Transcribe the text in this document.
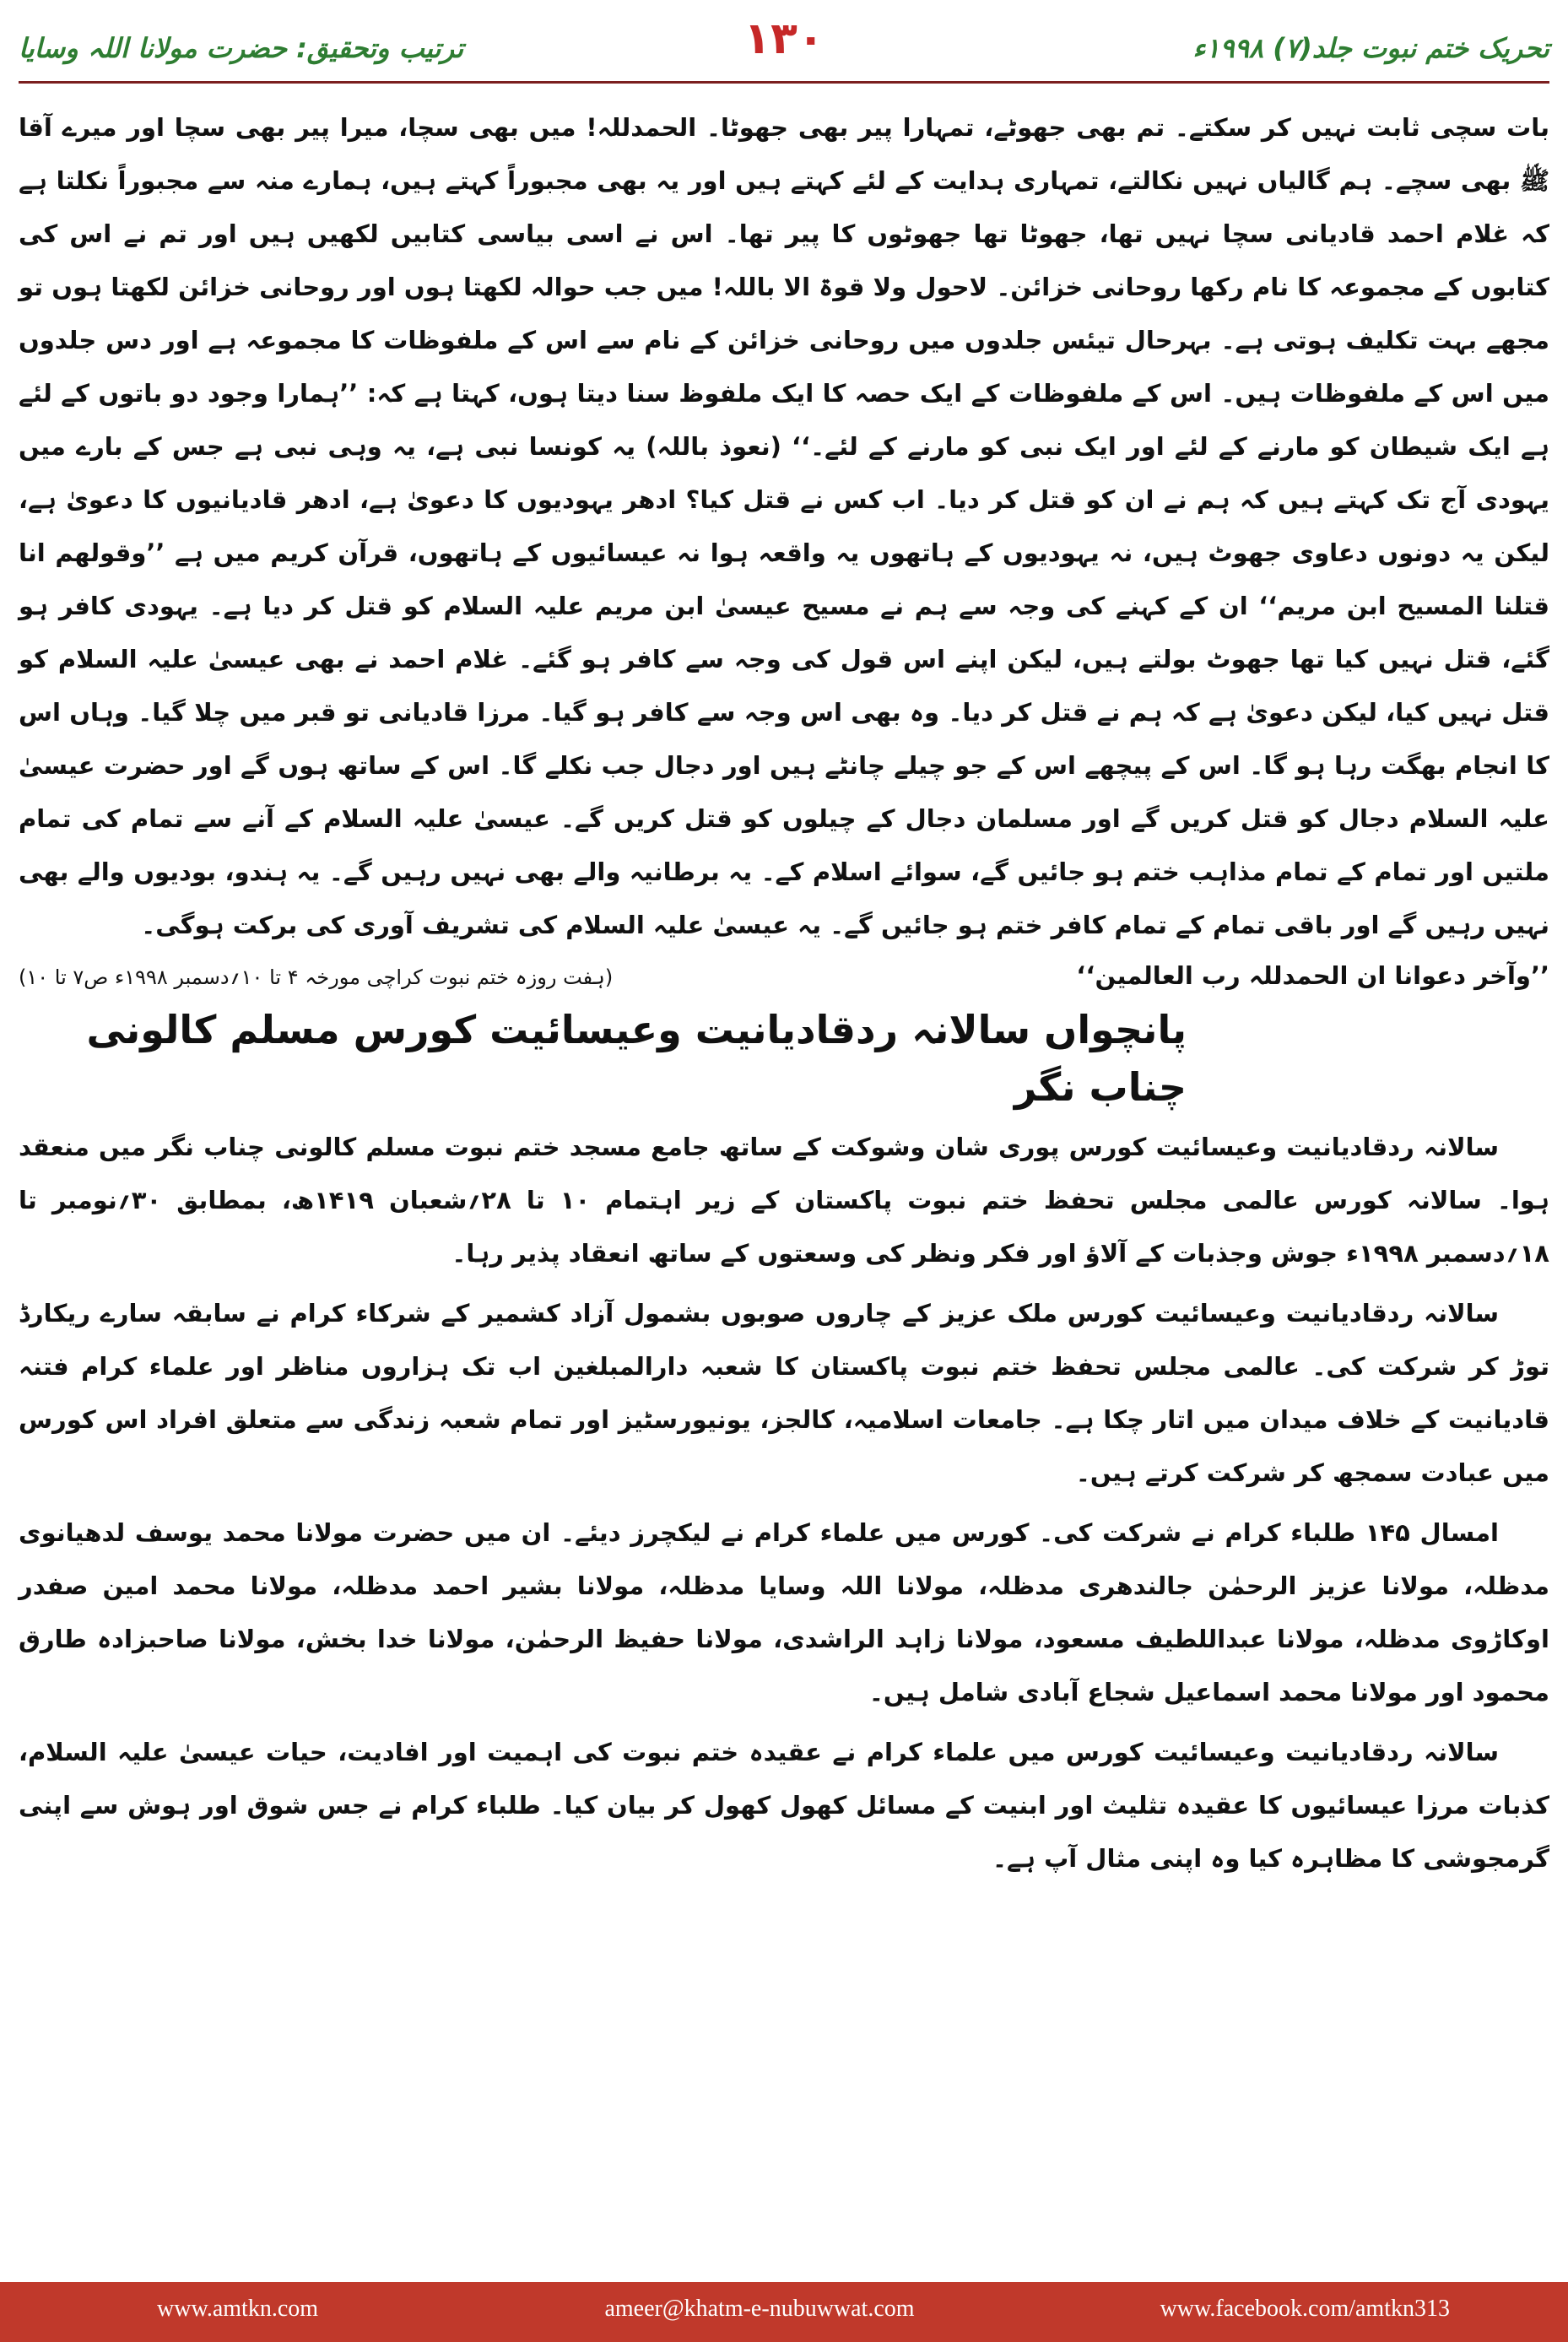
ترتیب وتحقیق: حضرت مولانا اللہ وسایا	۱۳۰	تحریک ختم نبوت جلد(۷) ۱۹۹۸ء

بات سچی ثابت نہیں کر سکتے۔ تم بھی جھوٹے، تمہارا پیر بھی جھوٹا۔ الحمدللہ! میں بھی سچا، میرا پیر بھی سچا اور میرے آقا ﷺ بھی سچے۔ ہم گالیاں نہیں نکالتے، تمہاری ہدایت کے لئے کہتے ہیں اور یہ بھی مجبوراً کہتے ہیں، ہمارے منہ سے مجبوراً نکلتا ہے کہ غلام احمد قادیانی سچا نہیں تھا، جھوٹا تھا جھوٹوں کا پیر تھا۔ اس نے اسی بیاسی کتابیں لکھیں ہیں اور تم نے اس کی کتابوں کے مجموعہ کا نام رکھا روحانی خزائن۔ لاحول ولا قوۃ الا باللہ! میں جب حوالہ لکھتا ہوں اور روحانی خزائن لکھتا ہوں تو مجھے بہت تکلیف ہوتی ہے۔ بہرحال تیئس جلدوں میں روحانی خزائن کے نام سے اس کے ملفوظات کا مجموعہ ہے اور دس جلدوں میں اس کے ملفوظات ہیں۔ اس کے ملفوظات کے ایک حصہ کا ایک ملفوظ سنا دیتا ہوں، کہتا ہے کہ: ’’ہمارا وجود دو باتوں کے لئے ہے ایک شیطان کو مارنے کے لئے اور ایک نبی کو مارنے کے لئے۔‘‘ (نعوذ باللہ) یہ کونسا نبی ہے، یہ وہی نبی ہے جس کے بارے میں یہودی آج تک کہتے ہیں کہ ہم نے ان کو قتل کر دیا۔ اب کس نے قتل کیا؟ ادھر یہودیوں کا دعویٰ ہے، ادھر قادیانیوں کا دعویٰ ہے، لیکن یہ دونوں دعاوی جھوٹ ہیں، نہ یہودیوں کے ہاتھوں یہ واقعہ ہوا نہ عیسائیوں کے ہاتھوں، قرآن کریم میں ہے ’’وقولھم انا قتلنا المسیح ابن مریم‘‘ ان کے کہنے کی وجہ سے ہم نے مسیح عیسیٰ ابن مریم علیہ السلام کو قتل کر دیا ہے۔ یہودی کافر ہو گئے، قتل نہیں کیا تھا جھوٹ بولتے ہیں، لیکن اپنے اس قول کی وجہ سے کافر ہو گئے۔ غلام احمد نے بھی عیسیٰ علیہ السلام کو قتل نہیں کیا، لیکن دعویٰ ہے کہ ہم نے قتل کر دیا۔ وہ بھی اس وجہ سے کافر ہو گیا۔ مرزا قادیانی تو قبر میں چلا گیا۔ وہاں اس کا انجام بھگت رہا ہو گا۔ اس کے پیچھے اس کے جو چیلے چانٹے ہیں اور دجال جب نکلے گا۔ اس کے ساتھ ہوں گے اور حضرت عیسیٰ علیہ السلام دجال کو قتل کریں گے اور مسلمان دجال کے چیلوں کو قتل کریں گے۔ عیسیٰ علیہ السلام کے آنے سے تمام کی تمام ملتیں اور تمام کے تمام مذاہب ختم ہو جائیں گے، سوائے اسلام کے۔ یہ برطانیہ والے بھی نہیں رہیں گے۔ یہ ہندو، بودیوں والے بھی نہیں رہیں گے اور باقی تمام کے تمام کافر ختم ہو جائیں گے۔ یہ عیسیٰ علیہ السلام کی تشریف آوری کی برکت ہوگی۔

’’وآخر دعوانا ان الحمدللہ رب العالمین‘‘
(ہفت روزہ ختم نبوت کراچی مورخہ ۴ تا ۱۰؍دسمبر ۱۹۹۸ء ص۷ تا ۱۰)
پانچواں سالانہ ردقادیانیت وعیسائیت کورس مسلم کالونی چناب نگر

سالانہ ردقادیانیت وعیسائیت کورس پوری شان وشوکت کے ساتھ جامع مسجد ختم نبوت مسلم کالونی چناب نگر میں منعقد ہوا۔ سالانہ کورس عالمی مجلس تحفظ ختم نبوت پاکستان کے زیر اہتمام ۱۰ تا ۲۸؍شعبان ۱۴۱۹ھ، بمطابق ۳۰؍نومبر تا ۱۸؍دسمبر ۱۹۹۸ء جوش وجذبات کے آلاؤ اور فکر ونظر کی وسعتوں کے ساتھ انعقاد پذیر رہا۔

سالانہ ردقادیانیت وعیسائیت کورس ملک عزیز کے چاروں صوبوں بشمول آزاد کشمیر کے شرکاء کرام نے سابقہ سارے ریکارڈ توڑ کر شرکت کی۔ عالمی مجلس تحفظ ختم نبوت پاکستان کا شعبہ دارالمبلغین اب تک ہزاروں مناظر اور علماء کرام فتنہ قادیانیت کے خلاف میدان میں اتار چکا ہے۔ جامعات اسلامیہ، کالجز، یونیورسٹیز اور تمام شعبہ زندگی سے متعلق افراد اس کورس میں عبادت سمجھ کر شرکت کرتے ہیں۔

امسال ۱۴۵ طلباء کرام نے شرکت کی۔ کورس میں علماء کرام نے لیکچرز دیئے۔ ان میں حضرت مولانا محمد یوسف لدھیانوی مدظلہ، مولانا عزیز الرحمٰن جالندھری مدظلہ، مولانا اللہ وسایا مدظلہ، مولانا بشیر احمد مدظلہ، مولانا محمد امین صفدر اوکاڑوی مدظلہ، مولانا عبداللطیف مسعود، مولانا زاہد الراشدی، مولانا حفیظ الرحمٰن، مولانا خدا بخش، مولانا صاحبزادہ طارق محمود اور مولانا محمد اسماعیل شجاع آبادی شامل ہیں۔

سالانہ ردقادیانیت وعیسائیت کورس میں علماء کرام نے عقیدہ ختم نبوت کی اہمیت اور افادیت، حیات عیسیٰ علیہ السلام، کذبات مرزا عیسائیوں کا عقیدہ تثلیث اور ابنیت کے مسائل کھول کھول کر بیان کیا۔ طلباء کرام نے جس شوق اور ہوش سے اپنی گرمجوشی کا مظاہرہ کیا وہ اپنی مثال آپ ہے۔

www.amtkn.com	ameer@khatm-e-nubuwwat.com	www.facebook.com/amtkn313
